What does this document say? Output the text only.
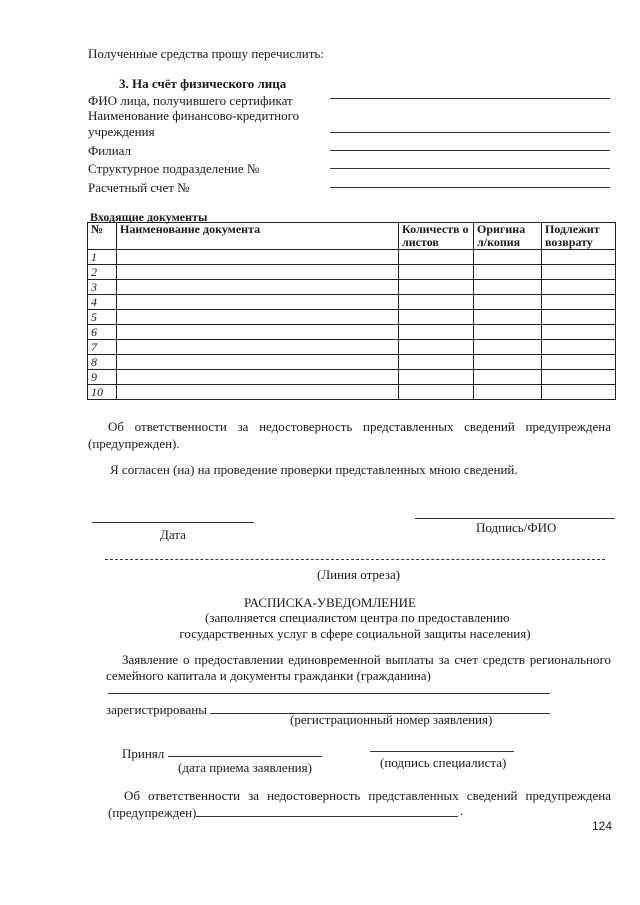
Полученные средства прошу перечислить:
3. На счёт физического лица
ФИО лица, получившего сертификат
Наименование финансово-кредитного
учреждения
Филиал
Структурное подразделение №
Расчетный счет №
Входящие документы
№	Наименование документа	Количеств о листов	Оригина л/копия	Подлежит возврату
1				
2				
3				
4				
5				
6				
7				
8				
9				
10				
Об ответственности за недостоверность представленных сведений предупреждена
(предупрежден).
Я согласен (на) на проведение проверки представленных мною сведений.
Дата	Подпись/ФИО
(Линия отреза)
РАСПИСКА-УВЕДОМЛЕНИЕ
(заполняется специалистом центра по предоставлению
государственных услуг в сфере социальной защиты населения)
Заявление о предоставлении единовременной выплаты за счет средств регионального
семейного капитала и документы гражданки (гражданина)
зарегистрированы
(регистрационный номер заявления)
Принял
(дата приема заявления)	(подпись специалиста)
Об ответственности за недостоверность представленных сведений предупреждена
(предупрежден)	.
124
